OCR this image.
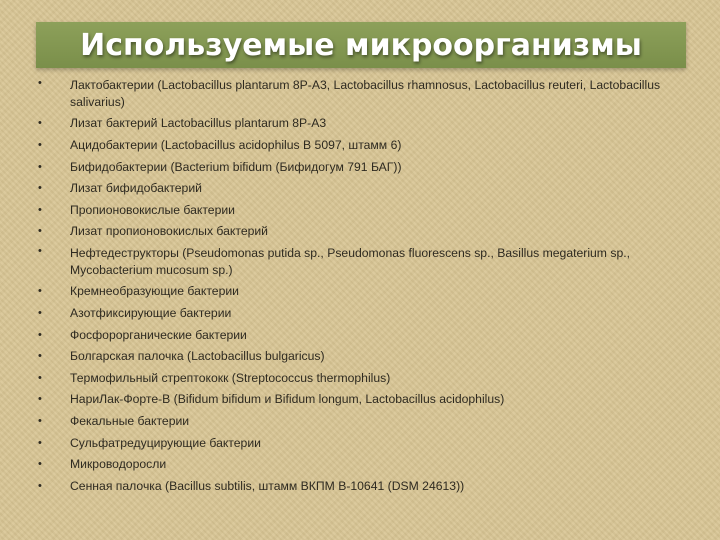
Используемые микроорганизмы
• Лактобактерии (Lactobacillus plantarum 8Р-А3, Lactobacillus rhamnosus, Lactobacillus reuteri, Lactobacillus salivarius)
• Лизат бактерий Lactobacillus plantarum 8Р-А3
• Ацидобактерии (Lactobacillus acidophilus В 5097, штамм 6)
• Бифидобактерии (Bacterium bifidum (Бифидогум 791 БАГ))
• Лизат бифидобактерий
• Пропионовокислые бактерии
• Лизат пропионовокислых бактерий
• Нефтедеструкторы (Pseudomonas putida sp., Pseudomonas fluorescens sp., Basillus megaterium sp., Mycobacterium mucosum sp.)
• Кремнеобразующие бактерии
• Азотфиксирующие бактерии
• Фосфорорганические бактерии
• Болгарская палочка (Lactobacillus bulgaricus)
• Термофильный стрептококк (Streptococcus thermophilus)
• НариЛак-Форте-В (Bifidum bifidum и Bifidum longum, Lactobacillus acidophilus)
• Фекальные бактерии
• Сульфатредуцирующие бактерии
• Микроводоросли
• Сенная палочка (Bacillus subtilis, штамм ВКПМ В-10641 (DSM 24613))
